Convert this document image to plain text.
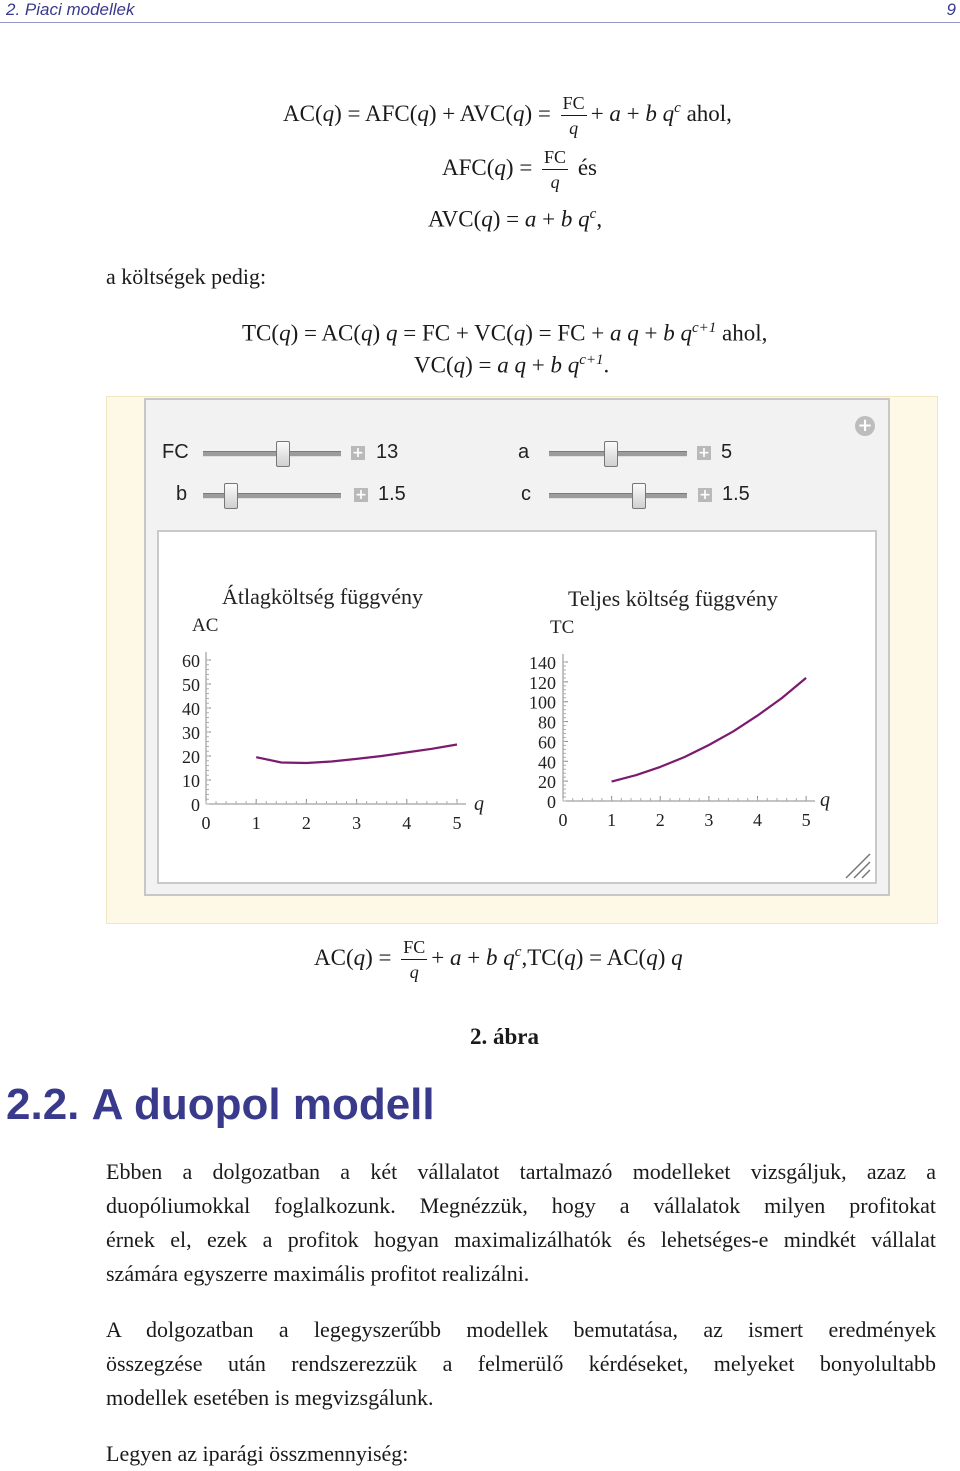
2. Piaci modellek	9
$AC(q) = AFC(q) + AVC(q) = \frac{FC}{q} + a + b$ $q^c$ ahol,
$AFC(q) = \frac{FC}{q}$ és
AVC(q) = a + b $q^c$,
a költségek pedig:
TC(q) = AC(q) q = FC + VC(q) = FC + a q + b $q^{c+1}$ ahol,
VC(q) = a q + b $q^{c+1}$.
+
FC	+ 13	a	+ 5
b	+ 1.5	c	+ 1.5
Átlagköltség függvény
AC
q
60
50
40
30
20
10
0
0 1 2 3 4 5
Teljes költség függvény
TC
q
140
120
100
80
60
40
20
0
0 1 2 3 4 5
$AC(q) = \frac{FC}{q} + a + b$ $q^c,TC(q) = AC(q)$ q
2. ábra
2.2. A duopol modell
Ebben a dolgozatban a két vállalatot tartalmazó modelleket vizsgáljuk, azaz a
duopóliumokkal foglalkozunk. Megnézzük, hogy a vállalatok milyen profitokat
érnek el, ezek a profitok hogyan maximalizálhatók és lehetséges-e mindkét vállalat
számára egyszerre maximális profitot realizálni.
A dolgozatban a legegyszerűbb modellek bemutatása, az ismert eredmények
összegzése után rendszerezzük a felmerülő kérdéseket, melyeket bonyolultabb
modellek esetében is megvizsgálunk.
Legyen az iparági összmennyiség:
